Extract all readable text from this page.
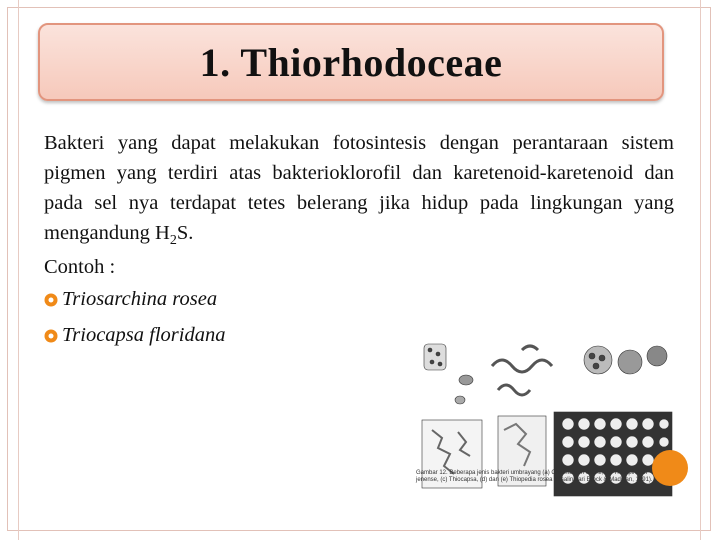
1. Thiorhodoceae

Bakteri yang dapat melakukan fotosintesis dengan perantaraan sistem pigmen yang terdiri atas bakterioklorofil dan karetenoid-karetenoid dan pada sel nya terdapat tetes belerang jika hidup pada lingkungan yang mengandung $H_2S$.

Contoh :
Triosarchina rosea
Triocapsa floridana
Gambar 12. Beberapa jenis bakteri umbrayang (a) Chromatium okenii, (b) Thiospirillum jenense, (c) Thiocapsa, (d) dan (e) Thiopedia rosea (disalin dari Brock & Madigan, 1991).
